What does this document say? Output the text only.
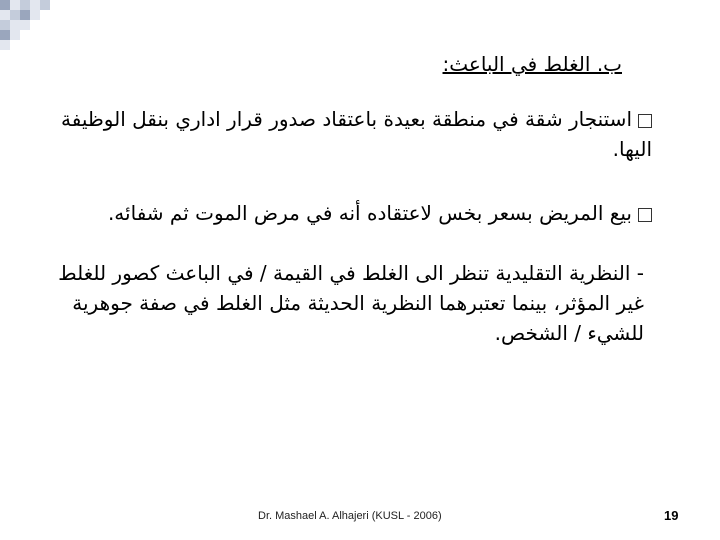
ب. الغلط في الباعث:
استنجار شقة في منطقة بعيدة باعتقاد صدور قرار اداري بنقل الوظيفة اليها.
بيع المريض بسعر بخس لاعتقاده أنه في مرض الموت ثم شفائه.
- النظرية التقليدية تنظر الى الغلط في القيمة / في الباعث كصور للغلط غير المؤثر، بينما تعتبرهما النظرية الحديثة مثل الغلط في صفة جوهرية للشيء / الشخص.
Dr. Mashael A. Alhajeri (KUSL - 2006)	19
